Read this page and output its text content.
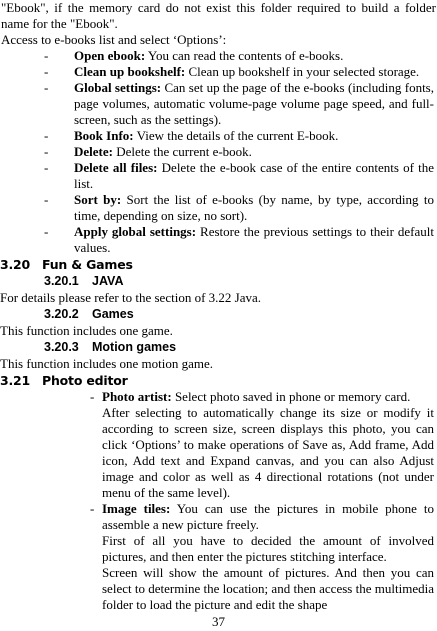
"Ebook", if the memory card do not exist this folder required to build a folder name for the "Ebook".

Access to e-books list and select ‘Options’:

- Open ebook: You can read the contents of e-books.
- Clean up bookshelf: Clean up bookshelf in your selected storage.
- Global settings: Can set up the page of the e-books (including fonts, page volumes, automatic volume-page volume page speed, and full-screen, such as the settings).
- Book Info: View the details of the current E-book.
- Delete: Delete the current e-book.
- Delete all files: Delete the e-book case of the entire contents of the list.
- Sort by: Sort the list of e-books (by name, by type, according to time, depending on size, no sort).
- Apply global settings: Restore the previous settings to their default values.
3.20 Fun & Games
3.20.1 JAVA

For details please refer to the section of 3.22 Java.

3.20.2 Games

This function includes one game.

3.20.3 Motion games

This function includes one motion game.

3.21 Photo editor
- Photo artist: Select photo saved in phone or memory card.

After selecting to automatically change its size or modify it according to screen size, screen displays this photo, you can click ‘Options’ to make operations of Save as, Add frame, Add icon, Add text and Expand canvas, and you can also Adjust image and color as well as 4 directional rotations (not under menu of the same level).

- Image tiles: You can use the pictures in mobile phone to assemble a new picture freely.

First of all you have to decided the amount of involved pictures, and then enter the pictures stitching interface.

Screen will show the amount of pictures. And then you can select to determine the location; and then access the multimedia folder to load the picture and edit the shape

37
